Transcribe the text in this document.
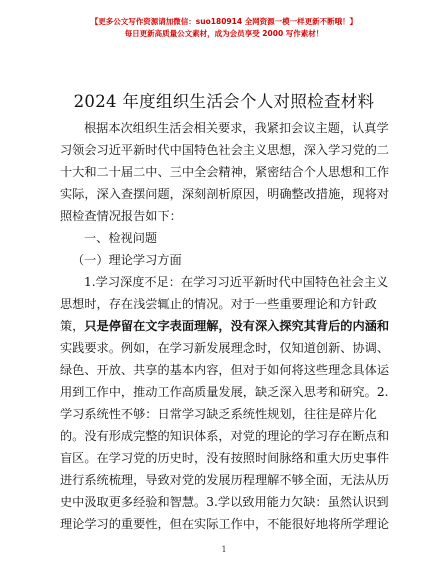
【更多公文写作资源请加微信：suo180914 全网资源一模一样更新不断哦！】
每日更新高质量公文素材，成为会员享受 2000 写作素材！
2024 年度组织生活会个人对照检查材料
根据本次组织生活会相关要求，我紧扣会议主题，认真学
习领会习近平新时代中国特色社会主义思想，深入学习党的二
十大和二十届二中、三中全会精神，紧密结合个人思想和工作
实际，深入查摆问题，深刻剖析原因，明确整改措施，现将对
照检查情况报告如下：
一、检视问题
（一）理论学习方面
1.学习深度不足：在学习习近平新时代中国特色社会主义
思想时，存在浅尝辄止的情况。对于一些重要理论和方针政
策，只是停留在文字表面理解，没有深入探究其背后的内涵和
实践要求。例如，在学习新发展理念时，仅知道创新、协调、
绿色、开放、共享的基本内容，但对于如何将这些理念具体运
用到工作中，推动工作高质量发展，缺乏深入思考和研究。2.
学习系统性不够：日常学习缺乏系统性规划，往往是碎片化
的。没有形成完整的知识体系，对党的理论的学习存在断点和
盲区。在学习党的历史时，没有按照时间脉络和重大历史事件
进行系统梳理，导致对党的发展历程理解不够全面，无法从历
史中汲取更多经验和智慧。3.学以致用能力欠缺：虽然认识到
理论学习的重要性，但在实际工作中，不能很好地将所学理论
1
